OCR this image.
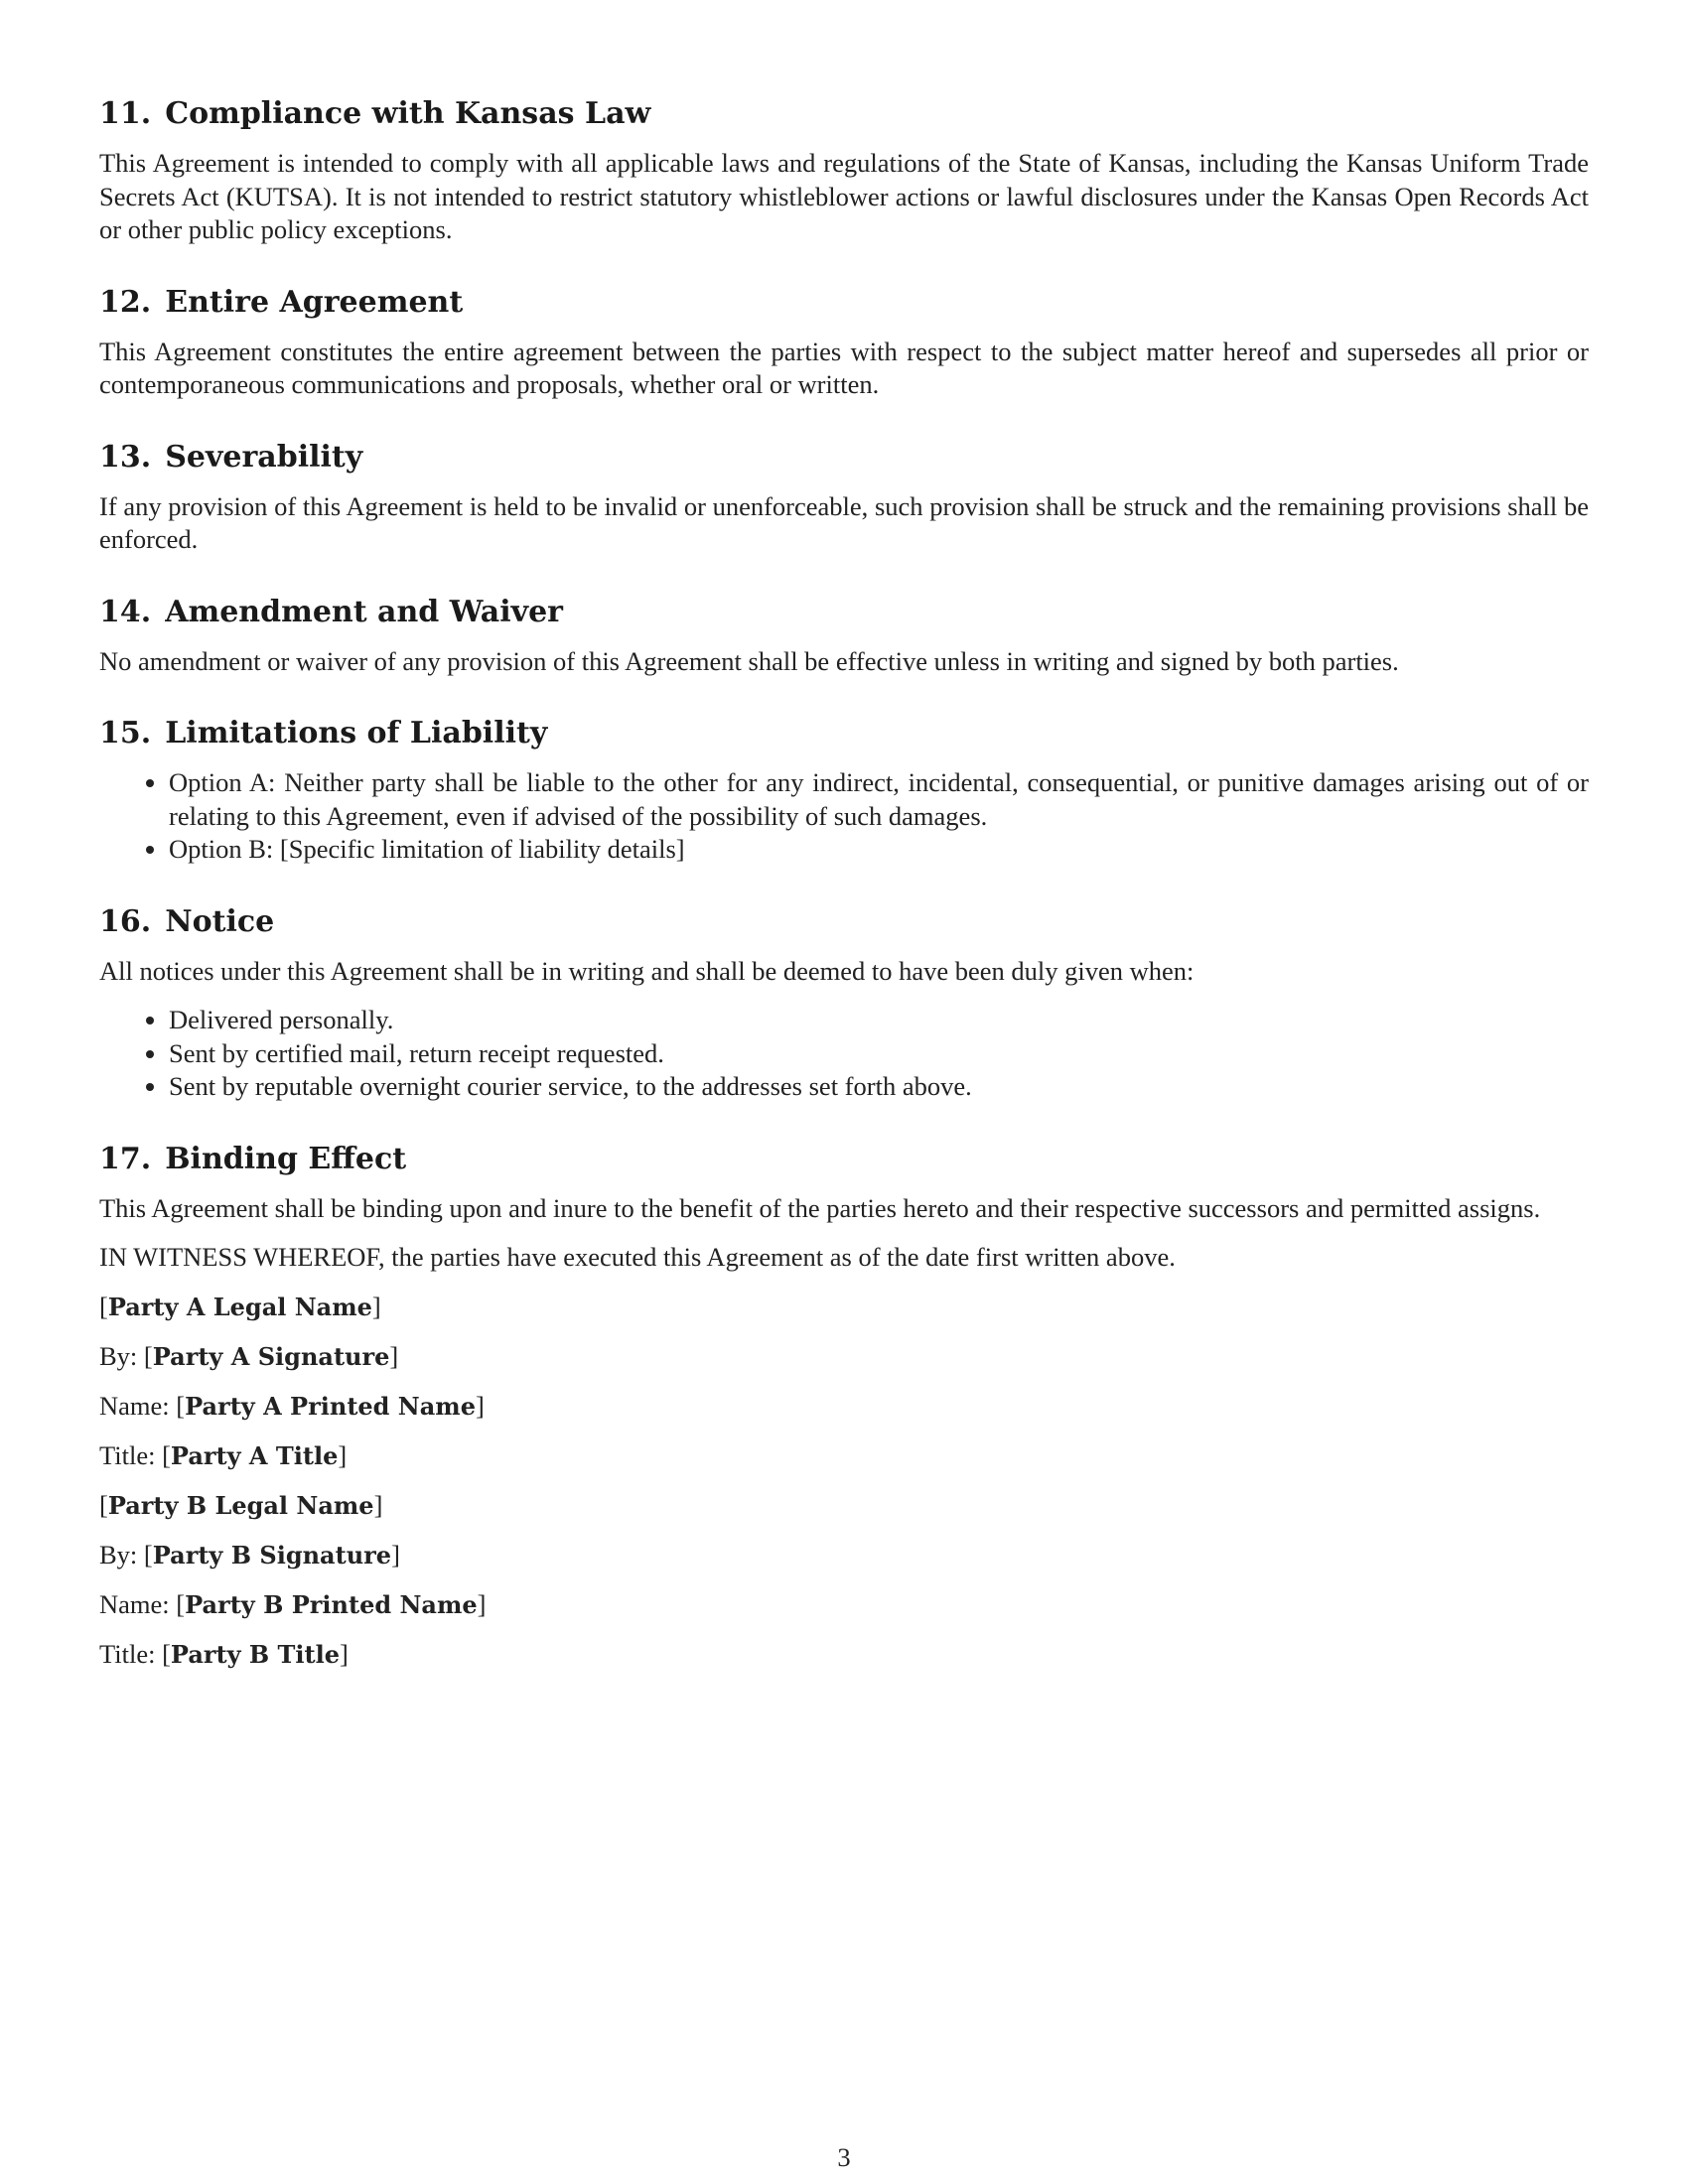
11. Compliance with Kansas Law

This Agreement is intended to comply with all applicable laws and regulations of the State of Kansas, including the Kansas Uniform Trade Secrets Act (KUTSA). It is not intended to restrict statutory whistleblower actions or lawful disclosures under the Kansas Open Records Act or other public policy exceptions.

12. Entire Agreement

This Agreement constitutes the entire agreement between the parties with respect to the subject matter hereof and supersedes all prior or contemporaneous communications and proposals, whether oral or written.

13. Severability

If any provision of this Agreement is held to be invalid or unenforceable, such provision shall be struck and the remaining provisions shall be enforced.

14. Amendment and Waiver

No amendment or waiver of any provision of this Agreement shall be effective unless in writing and signed by both parties.

15. Limitations of Liability
• Option A: Neither party shall be liable to the other for any indirect, incidental, consequential, or punitive damages arising out of or relating to this Agreement, even if advised of the possibility of such damages.
• Option B: [Specific limitation of liability details]
16. Notice

All notices under this Agreement shall be in writing and shall be deemed to have been duly given when:

• Delivered personally.
• Sent by certified mail, return receipt requested.
• Sent by reputable overnight courier service, to the addresses set forth above.
17. Binding Effect

This Agreement shall be binding upon and inure to the benefit of the parties hereto and their respective successors and permitted assigns.

IN WITNESS WHEREOF, the parties have executed this Agreement as of the date first written above.

[Party A Legal Name]
By: [Party A Signature]
Name: [Party A Printed Name]
Title: [Party A Title]
[Party B Legal Name]
By: [Party B Signature]
Name: [Party B Printed Name]
Title: [Party B Title]
3
